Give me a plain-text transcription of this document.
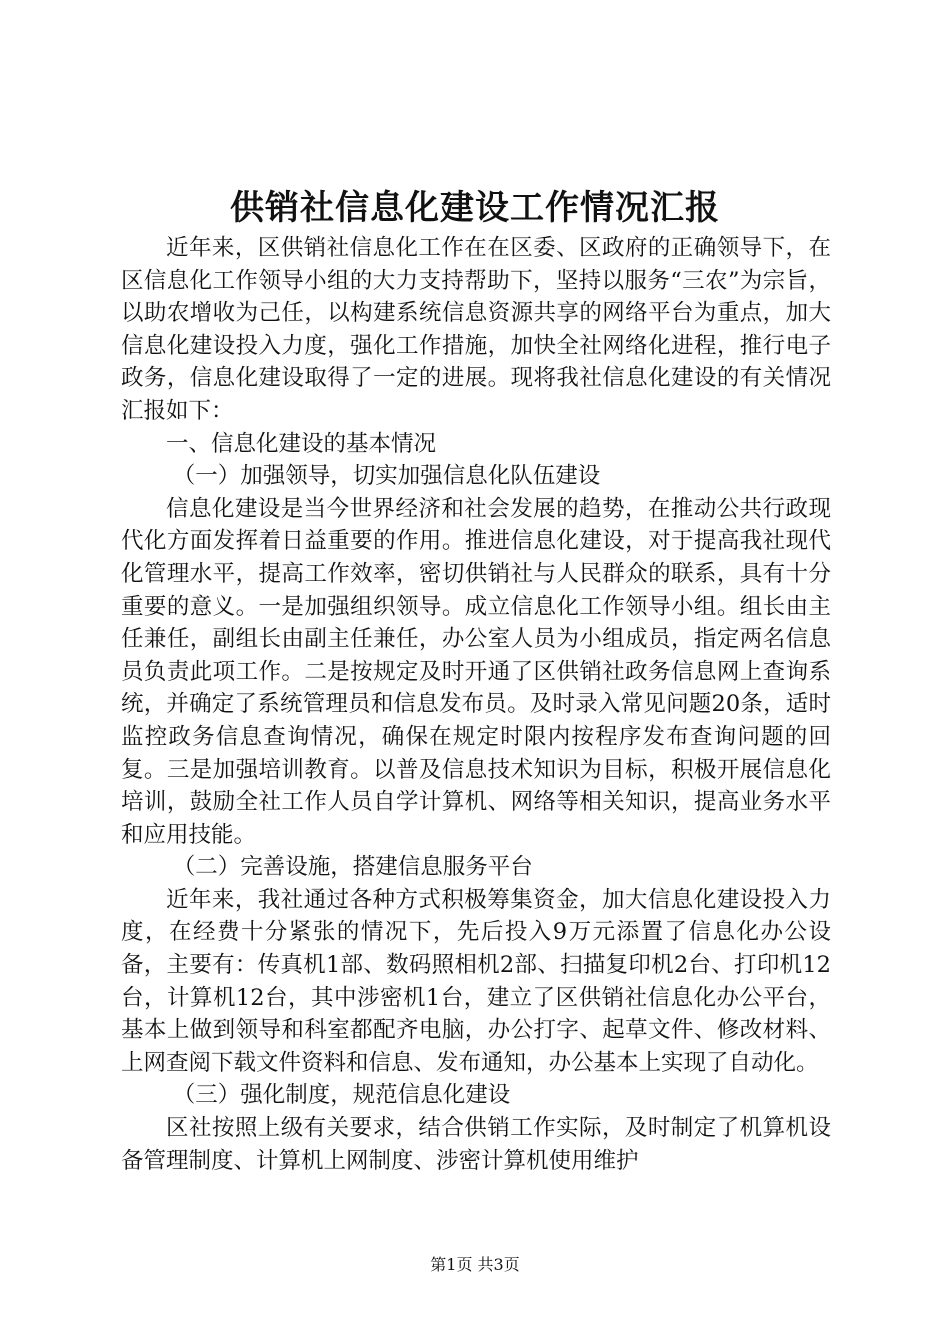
供销社信息化建设工作情况汇报

近年来，区供销社信息化工作在在区委、区政府的正确领导下，在区信息化工作领导小组的大力支持帮助下，坚持以服务“三农”为宗旨，以助农增收为己任，以构建系统信息资源共享的网络平台为重点，加大信息化建设投入力度，强化工作措施，加快全社网络化进程，推行电子政务，信息化建设取得了一定的进展。现将我社信息化建设的有关情况汇报如下：

一、信息化建设的基本情况

（一）加强领导，切实加强信息化队伍建设

信息化建设是当今世界经济和社会发展的趋势，在推动公共行政现代化方面发挥着日益重要的作用。推进信息化建设，对于提高我社现代化管理水平，提高工作效率，密切供销社与人民群众的联系，具有十分重要的意义。一是加强组织领导。成立信息化工作领导小组。组长由主任兼任，副组长由副主任兼任，办公室人员为小组成员，指定两名信息员负责此项工作。二是按规定及时开通了区供销社政务信息网上查询系统，并确定了系统管理员和信息发布员。及时录入常见问题20条，适时监控政务信息查询情况，确保在规定时限内按程序发布查询问题的回复。三是加强培训教育。以普及信息技术知识为目标，积极开展信息化培训，鼓励全社工作人员自学计算机、网络等相关知识，提高业务水平和应用技能。

（二）完善设施，搭建信息服务平台

近年来，我社通过各种方式积极筹集资金，加大信息化建设投入力度，在经费十分紧张的情况下，先后投入9万元添置了信息化办公设备，主要有：传真机1部、数码照相机2部、扫描复印机2台、打印机12台，计算机12台，其中涉密机1台，建立了区供销社信息化办公平台，基本上做到领导和科室都配齐电脑，办公打字、起草文件、修改材料、上网查阅下载文件资料和信息、发布通知，办公基本上实现了自动化。

（三）强化制度，规范信息化建设

区社按照上级有关要求，结合供销工作实际，及时制定了机算机设备管理制度、计算机上网制度、涉密计算机使用维护

第1页 共3页
